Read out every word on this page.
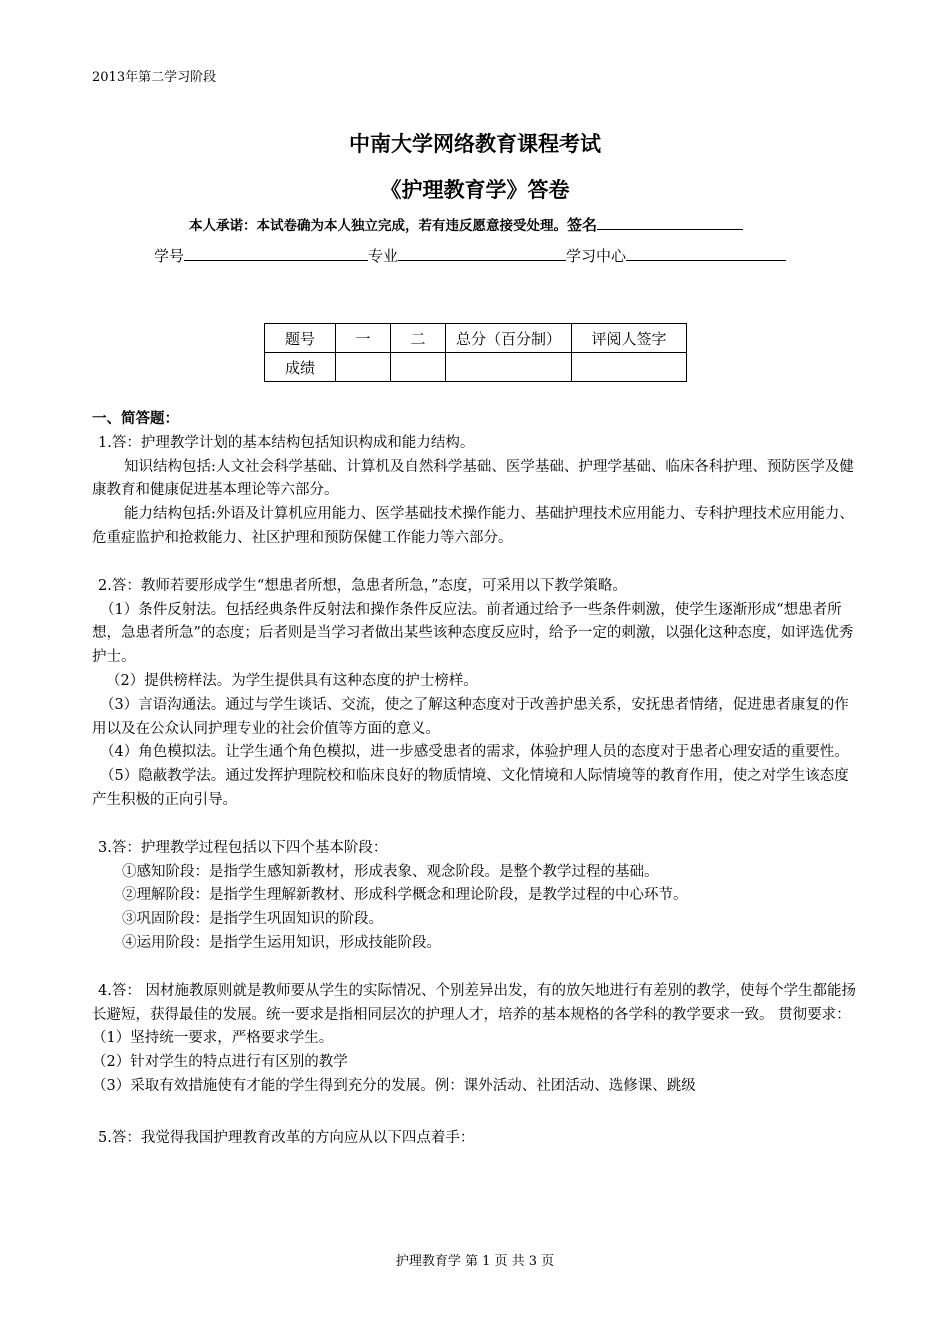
2013年第二学习阶段
中南大学网络教育课程考试
《护理教育学》答卷
本人承诺：本试卷确为本人独立完成，若有违反愿意接受处理。签名
学号	专业	学习中心
题号	一	二	总分（百分制）	评阅人签字
成绩				

一、简答题：

1.答：护理教学计划的基本结构包括知识构成和能力结构。

知识结构包括:人文社会科学基础、计算机及自然科学基础、医学基础、护理学基础、临床各科护理、预防医学及健康教育和健康促进基本理论等六部分。

能力结构包括:外语及计算机应用能力、医学基础技术操作能力、基础护理技术应用能力、专科护理技术应用能力、危重症监护和抢救能力、社区护理和预防保健工作能力等六部分。

2.答：教师若要形成学生“想患者所想，急患者所急，”态度，可采用以下教学策略。

（1）条件反射法。包括经典条件反射法和操作条件反应法。前者通过给予一些条件刺激，使学生逐渐形成“想患者所想，急患者所急”的态度；后者则是当学习者做出某些该种态度反应时，给予一定的刺激，以强化这种态度，如评选优秀护士。

（2）提供榜样法。为学生提供具有这种态度的护士榜样。

（3）言语沟通法。通过与学生谈话、交流，使之了解这种态度对于改善护患关系，安抚患者情绪，促进患者康复的作用以及在公众认同护理专业的社会价值等方面的意义。

（4）角色模拟法。让学生通个角色模拟，进一步感受患者的需求，体验护理人员的态度对于患者心理安适的重要性。

（5）隐蔽教学法。通过发挥护理院校和临床良好的物质情境、文化情境和人际情境等的教育作用，使之对学生该态度产生积极的正向引导。

3.答：护理教学过程包括以下四个基本阶段：

①感知阶段：是指学生感知新教材，形成表象、观念阶段。是整个教学过程的基础。

②理解阶段：是指学生理解新教材、形成科学概念和理论阶段，是教学过程的中心环节。

③巩固阶段：是指学生巩固知识的阶段。

④运用阶段：是指学生运用知识，形成技能阶段。

4.答： 因材施教原则就是教师要从学生的实际情况、个别差异出发，有的放矢地进行有差别的教学，使每个学生都能扬长避短，获得最佳的发展。统一要求是指相同层次的护理人才，培养的基本规格的各学科的教学要求一致。 贯彻要求：

（1）坚持统一要求，严格要求学生。

（2）针对学生的特点进行有区别的教学

（3）采取有效措施使有才能的学生得到充分的发展。例：课外活动、社团活动、选修课、跳级

5.答：我觉得我国护理教育改革的方向应从以下四点着手：

护理教育学 第 1 页 共 3 页
